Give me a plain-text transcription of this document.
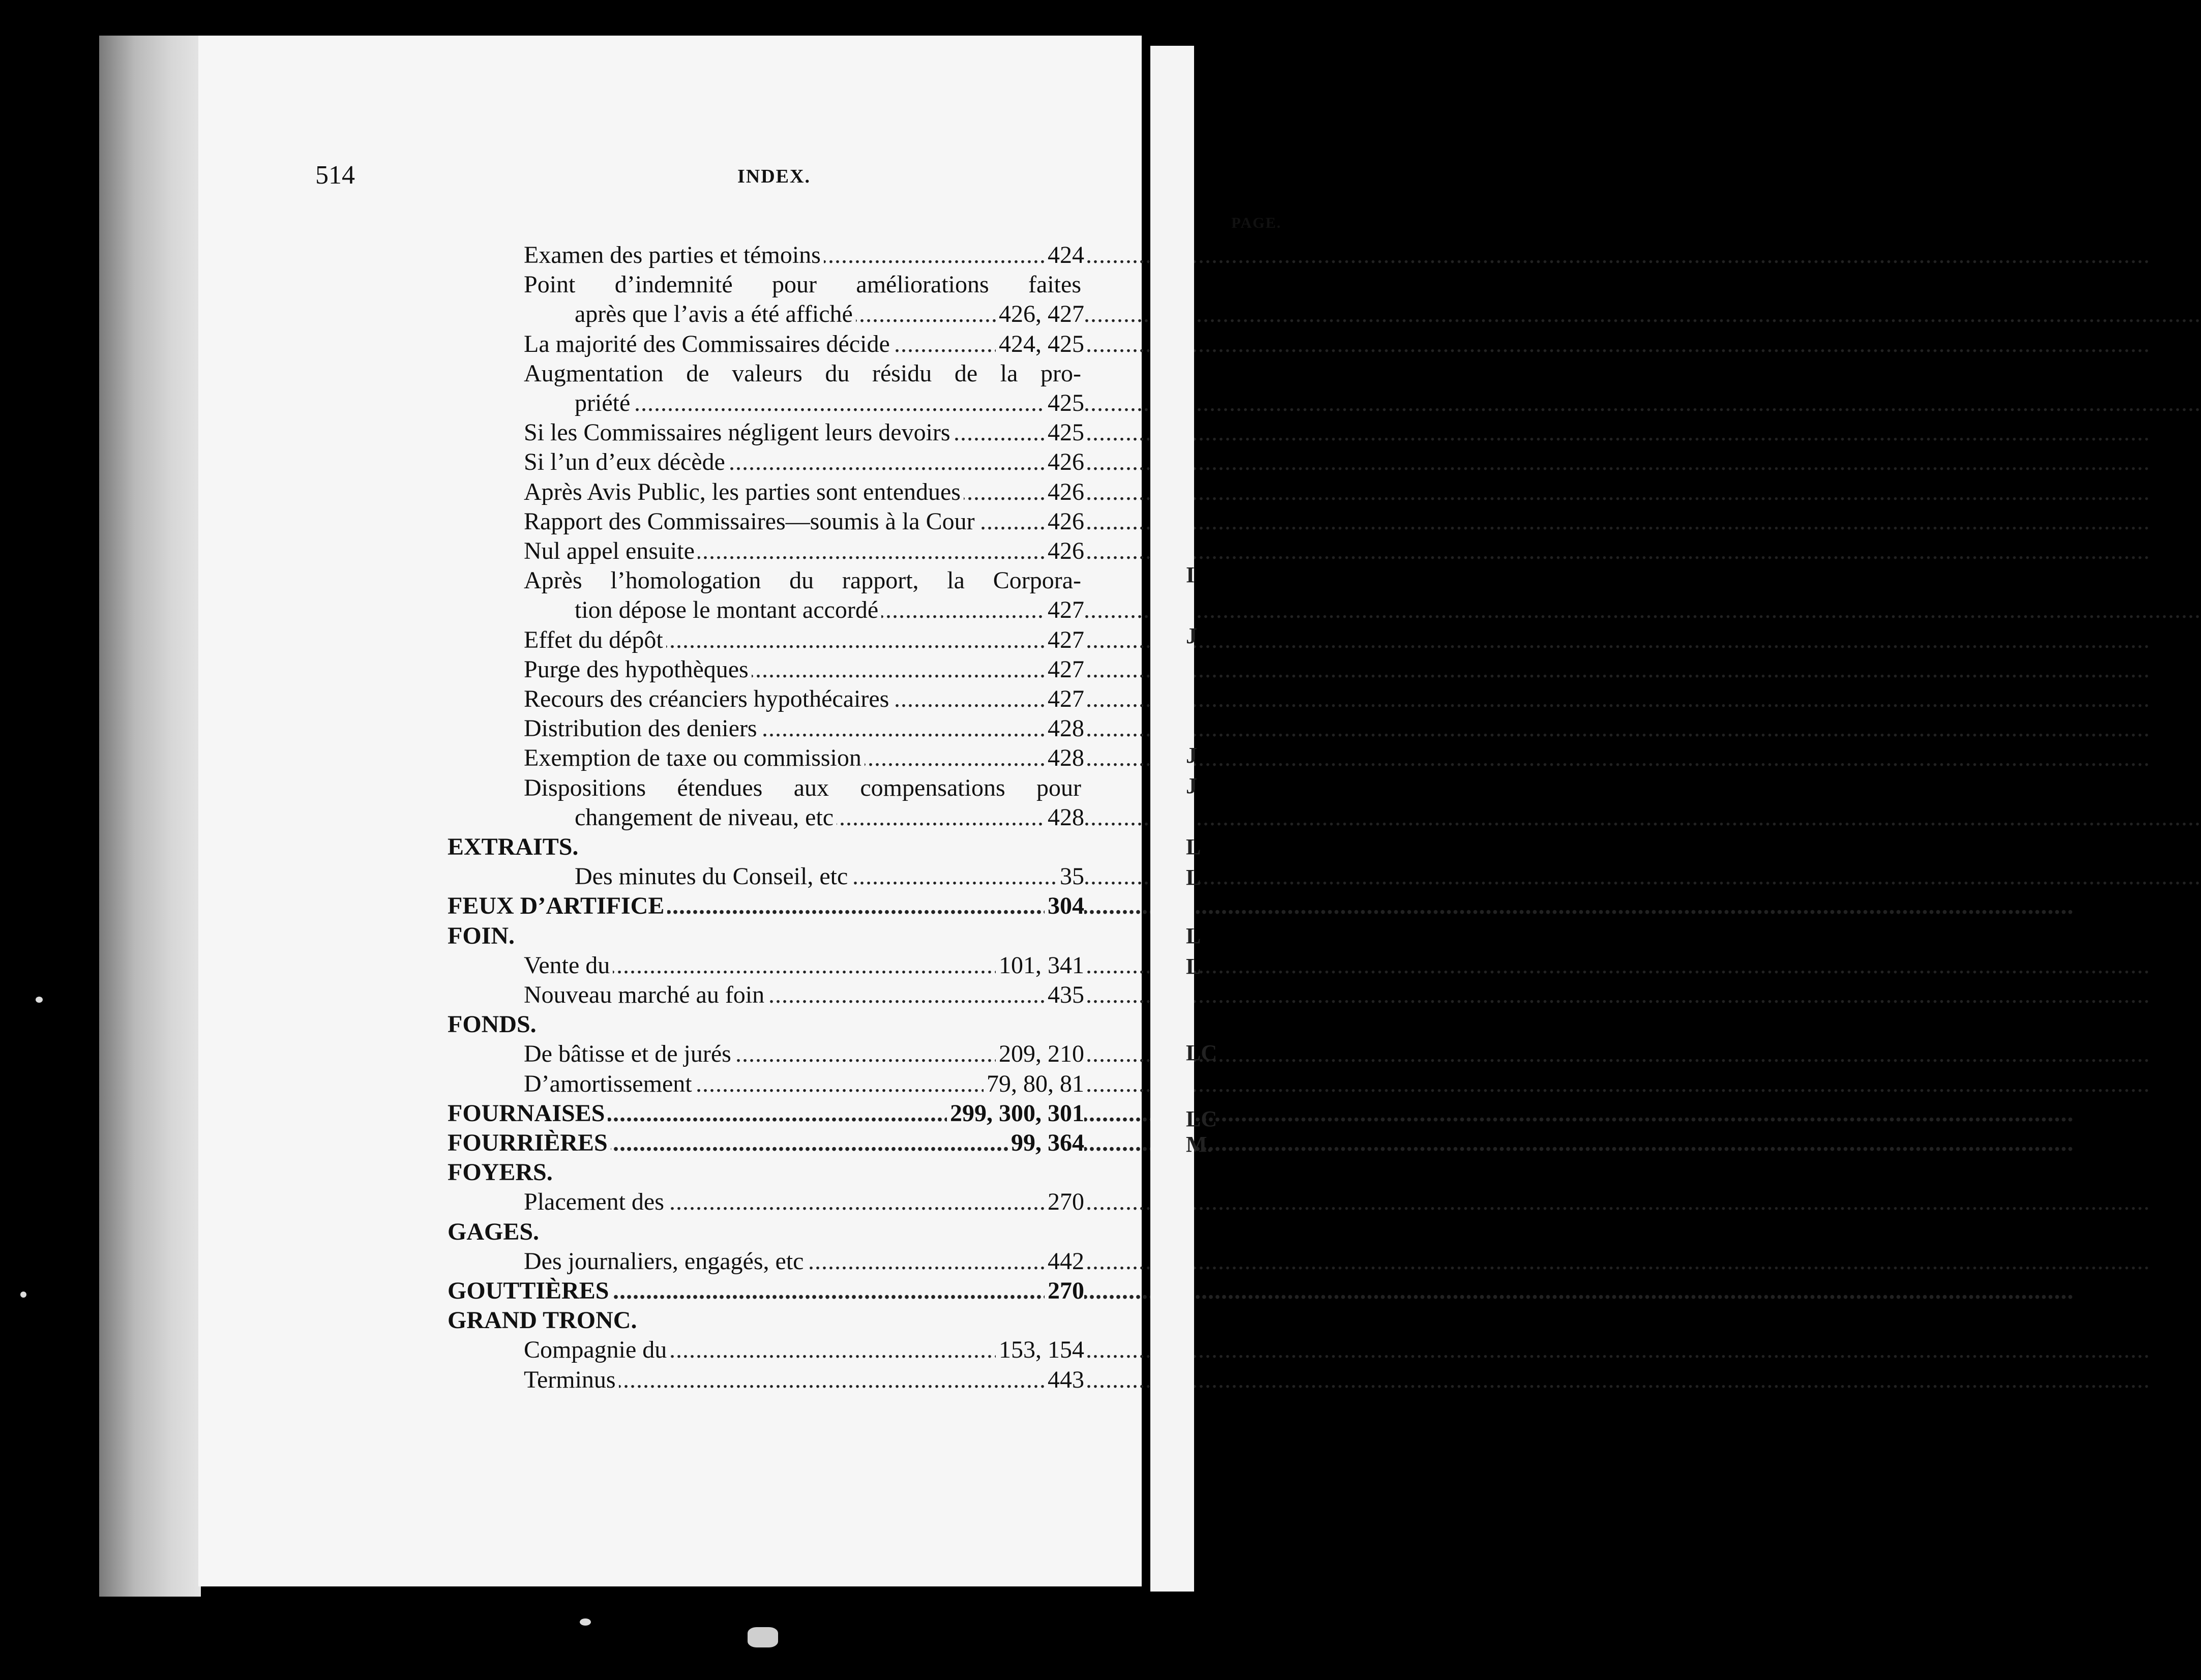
514	INDEX.
PAGE.
Examen des parties et témoins	424
.....
Point d’indemnité pour améliorations faites
après que l’avis a été affiché	426, 427
.....
La majorité des Commissaires décide	424, 425
.....
Augmentation de valeurs du résidu de la pro-
priété	425
.....
Si les Commissaires négligent leurs devoirs	425
.....
Si l’un d’eux décède	426
.....
Après Avis Public, les parties sont entendues	426
.....
Rapport des Commissaires—soumis à la Cour	426
.....
Nul appel ensuite	426
.....
Après l’homologation du rapport, la Corpora-
tion dépose le montant accordé	427
.....
Effet du dépôt	427
.....
Purge des hypothèques	427
.....
Recours des créanciers hypothécaires	427
.....
Distribution des deniers	428
.....
Exemption de taxe ou commission	428
.....
Dispositions étendues aux compensations pour
changement de niveau, etc	428
.....
EXTRAITS.
Des minutes du Conseil, etc	35
.....
FEUX D’ARTIFICE	304
.....
FOIN.
Vente du	101, 341
.....
Nouveau marché au foin	435
.....
FONDS.
De bâtisse et de jurés	209, 210
.....
D’amortissement	79, 80, 81
.....
FOURNAISES	299, 300, 301
.....
FOURRIÈRES	99, 364
.....
FOYERS.
Placement des	270
.....
GAGES.
Des journaliers, engagés, etc	442
.....
GOUTTIÈRES	270
.....
GRAND TRONC.
Compagnie du	153, 154
.....
Terminus	443
.....
I
J
J
J
L
L
L
L
LC
LC
M.
